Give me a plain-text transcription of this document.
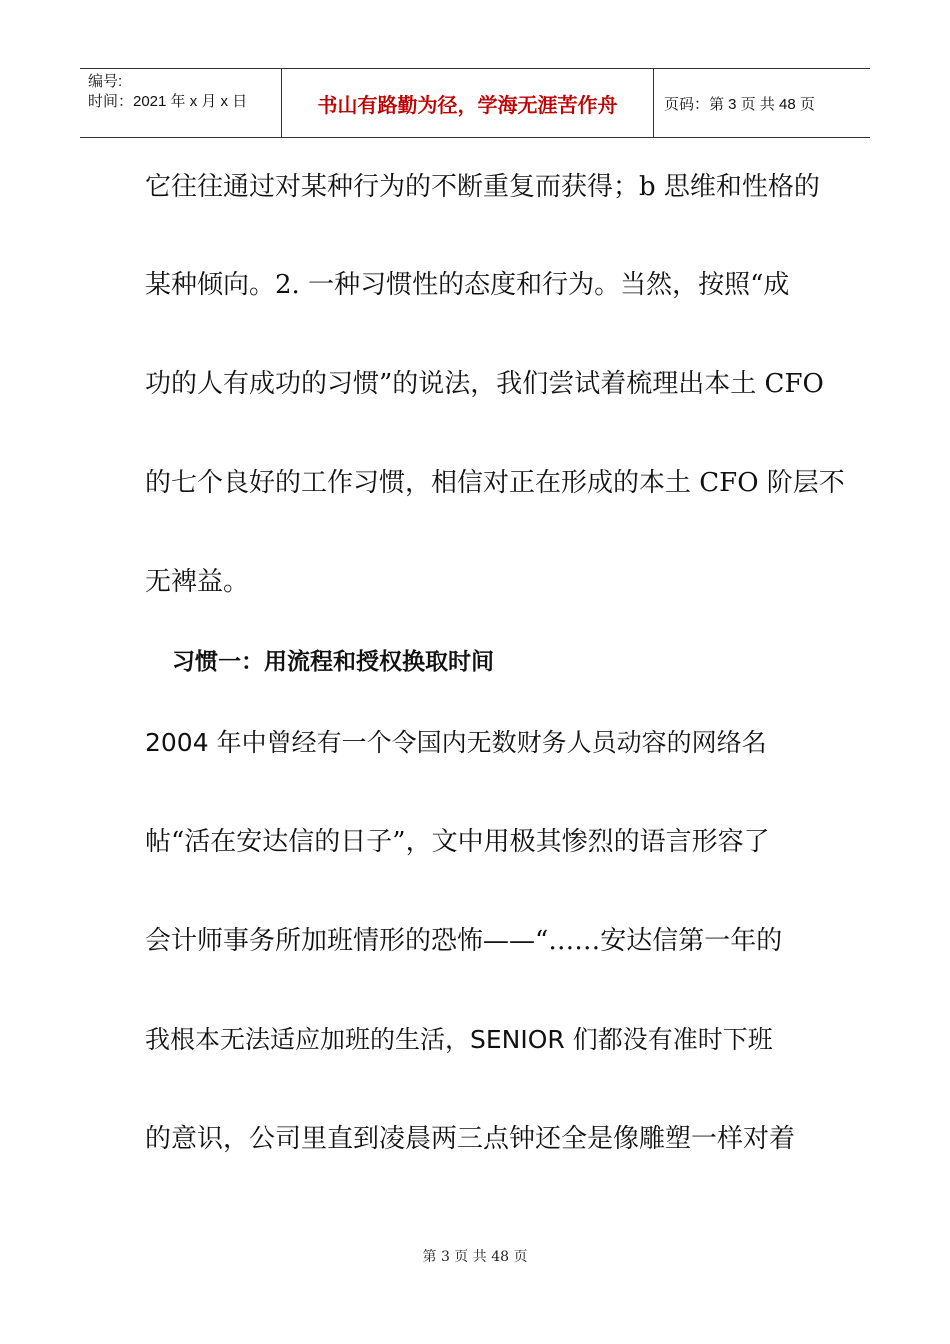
编号:
时间：2021 年 x 月 x 日	书山有路勤为径，学海无涯苦作舟	页码：第 3 页 共 48 页
它往往通过对某种行为的不断重复而获得；b 思维和性格的
某种倾向。2. 一种习惯性的态度和行为。当然，按照“成
功的人有成功的习惯”的说法，我们尝试着梳理出本土 CFO
的七个良好的工作习惯，相信对正在形成的本土 CFO 阶层不
无裨益。
习惯一：用流程和授权换取时间
2004 年中曾经有一个令国内无数财务人员动容的网络名
帖“活在安达信的日子”，文中用极其惨烈的语言形容了
会计师事务所加班情形的恐怖——“……安达信第一年的
我根本无法适应加班的生活，SENIOR 们都没有准时下班
的意识，公司里直到凌晨两三点钟还全是像雕塑一样对着
第 3 页 共 48 页
